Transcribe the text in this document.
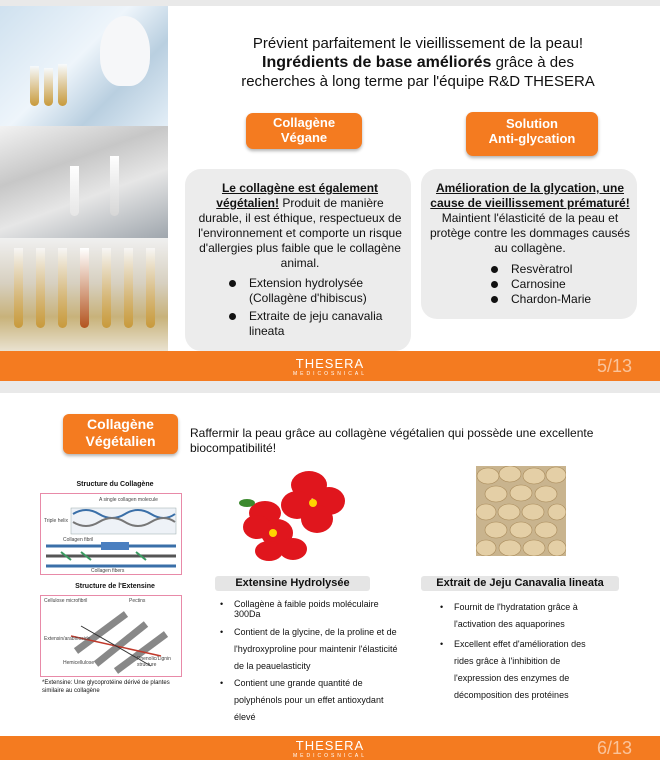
Prévient parfaitement le vieillissement de la peau!
Ingrédients de base améliorés grâce à des
recherches à long terme par l'équipe R&D THESERA
Collagène
Végane
Solution
Anti-glycation
Le collagène est également végétalien! Produit de manière durable, il est éthique, respectueux de l'environnement et comporte un risque d'allergies plus faible que le collagène animal.
Extension hydrolysée (Collagène d'hibiscus)
Extraite de jeju canavalia lineata
Amélioration de la glycation, une cause de vieillissement prématuré! Maintient l'élasticité de la peau et protège contre les dommages causés au collagène.
Resvèratrol
Carnosine
Chardon-Marie
THESERA
MEDICOSNICAL	5/13
Collagène
Végétalien	Raffermir la peau grâce au collagène végétalien qui possède une excellente biocompatibilité!
Structure du Collagène
A single collagen molecule
Triple helix
Collagen fibril
Collagen fibers
Structure de l'Extensine
Cellulose microfibril	Pectins
Extensin/arabinoside
Hemicellulose
Phenolic/Lignin structure
*Extensine: Une glycoprotéine dérivé de plantes similaire au collagène
Extensine Hydrolysée
• Collagène à faible poids moléculaire 300Da
• Contient de la glycine, de la proline et de l'hydroxyproline pour maintenir l'élasticité de la peauelasticity
• Contient une grande quantité de polyphénols pour un effet antioxydant élevé
Extrait de Jeju Canavalia lineata
• Fournit de l'hydratation grâce à l'activation des aquaporines
• Excellent effet d'amélioration des rides grâce à l'inhibition de l'expression des enzymes de décomposition des protéines
THESERA
MEDICOSNICAL	6/13
